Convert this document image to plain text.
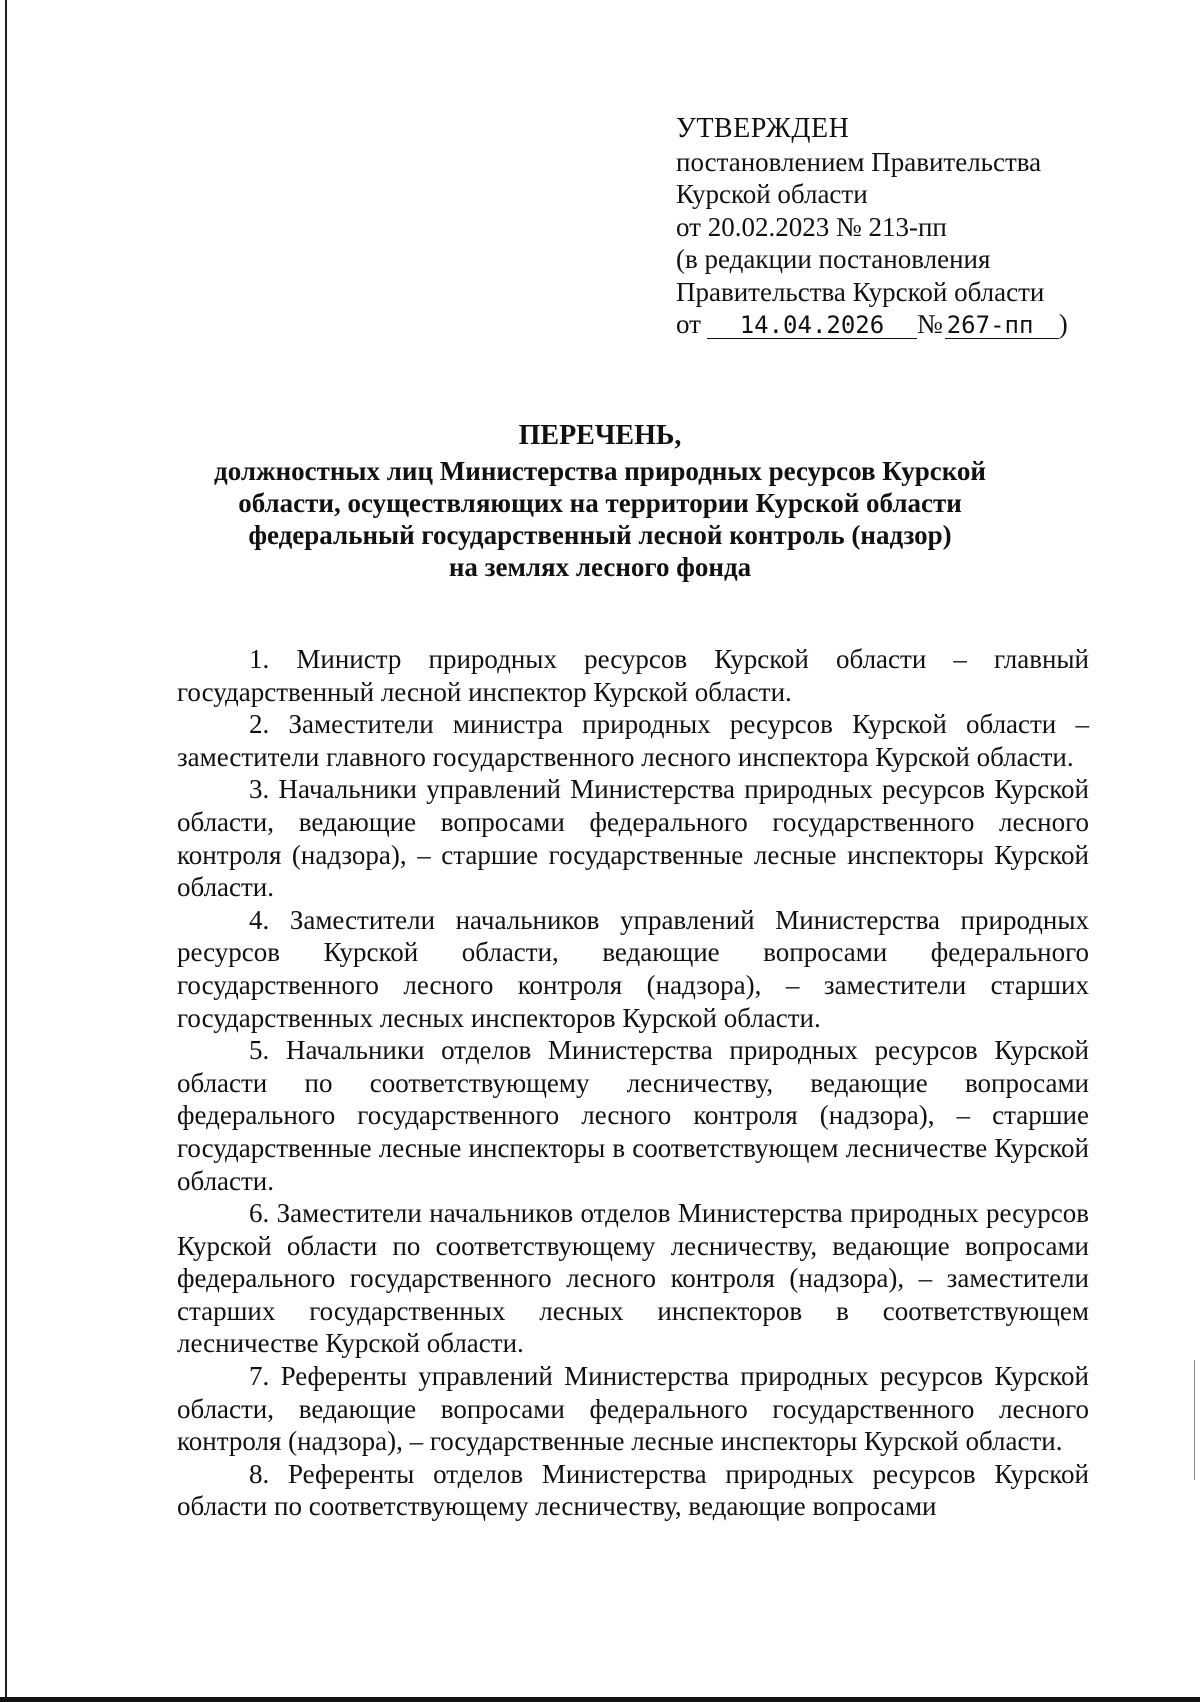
УТВЕРЖДЕН
постановлением Правительства
Курской области
от 20.02.2023 № 213-пп
(в редакции постановления
Правительства Курской области
от 14.04.2026 № 267-пп )
ПЕРЕЧЕНЬ,
должностных лиц Министерства природных ресурсов Курской
области, осуществляющих на территории Курской области
федеральный государственный лесной контроль (надзор)
на землях лесного фонда

1. Министр природных ресурсов Курской области – главный государственный лесной инспектор Курской области.

2. Заместители министра природных ресурсов Курской области – заместители главного государственного лесного инспектора Курской области.

3. Начальники управлений Министерства природных ресурсов Курской области, ведающие вопросами федерального государственного лесного контроля (надзора), – старшие государственные лесные инспекторы Курской области.

4. Заместители начальников управлений Министерства природных ресурсов Курской области, ведающие вопросами федерального государственного лесного контроля (надзора), – заместители старших государственных лесных инспекторов Курской области.

5. Начальники отделов Министерства природных ресурсов Курской области по соответствующему лесничеству, ведающие вопросами федерального государственного лесного контроля (надзора), – старшие государственные лесные инспекторы в соответствующем лесничестве Курской области.

6. Заместители начальников отделов Министерства природных ресурсов Курской области по соответствующему лесничеству, ведающие вопросами федерального государственного лесного контроля (надзора), – заместители старших государственных лесных инспекторов в соответствующем лесничестве Курской области.

7. Референты управлений Министерства природных ресурсов Курской области, ведающие вопросами федерального государственного лесного контроля (надзора), – государственные лесные инспекторы Курской области.

8. Референты отделов Министерства природных ресурсов Курской области по соответствующему лесничеству, ведающие вопросами
